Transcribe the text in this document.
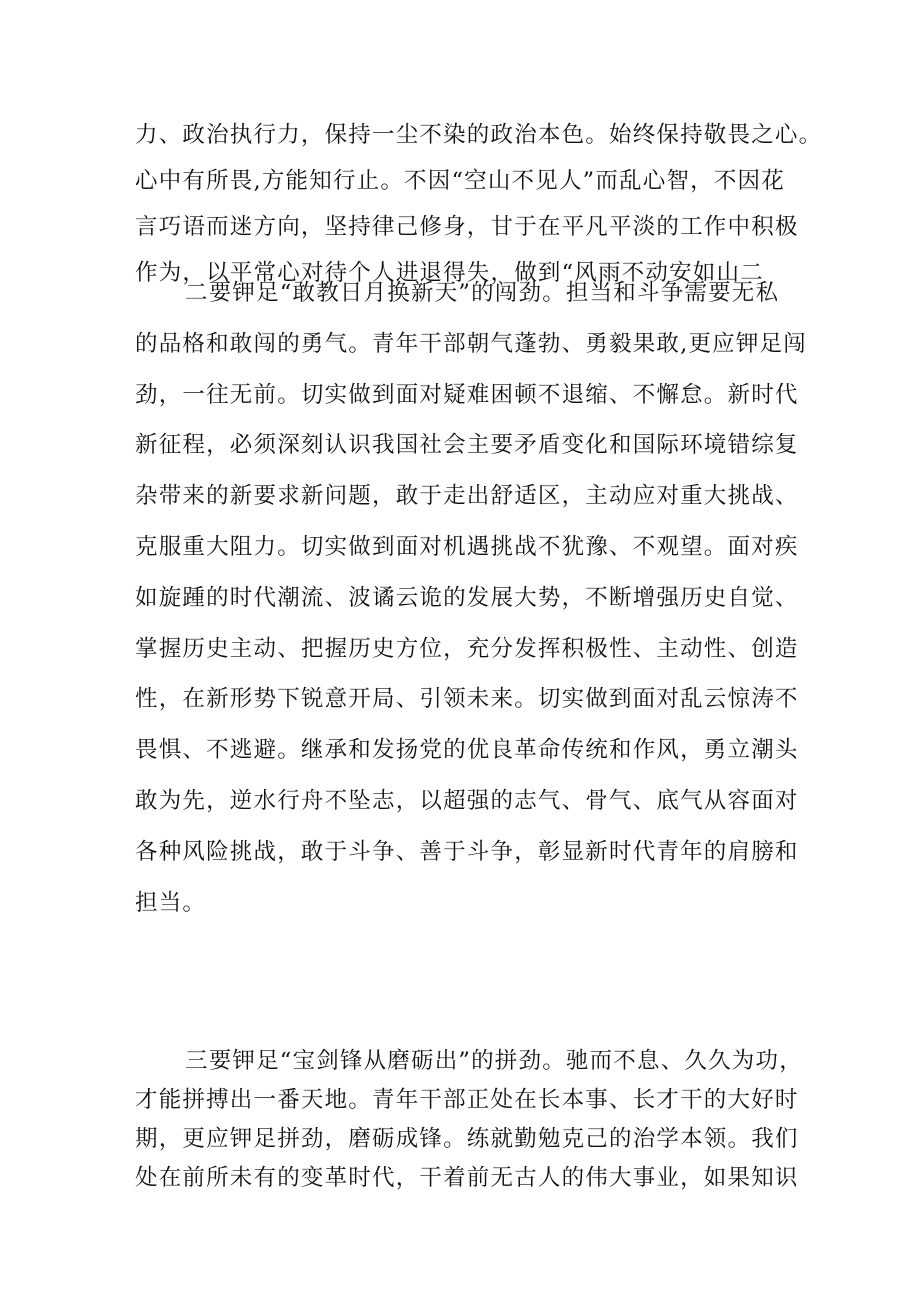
力、政治执行力，保持一尘不染的政治本色。始终保持敬畏之心。
心中有所畏,方能知行止。不因“空山不见人”而乱心智，不因花
言巧语而迷方向，坚持律己修身，甘于在平凡平淡的工作中积极
作为，以平常心对待个人进退得失，做到“风雨不动安如山二

二要钾足“敢教日月换新天”的闯劲。担当和斗争需要无私
的品格和敢闯的勇气。青年干部朝气蓬勃、勇毅果敢,更应钾足闯
劲，一往无前。切实做到面对疑难困顿不退缩、不懈怠。新时代
新征程，必须深刻认识我国社会主要矛盾变化和国际环境错综复
杂带来的新要求新问题，敢于走出舒适区，主动应对重大挑战、
克服重大阻力。切实做到面对机遇挑战不犹豫、不观望。面对疾
如旋踵的时代潮流、波谲云诡的发展大势，不断增强历史自觉、
掌握历史主动、把握历史方位，充分发挥积极性、主动性、创造
性，在新形势下锐意开局、引领未来。切实做到面对乱云惊涛不
畏惧、不逃避。继承和发扬党的优良革命传统和作风，勇立潮头
敢为先，逆水行舟不坠志，以超强的志气、骨气、底气从容面对
各种风险挑战，敢于斗争、善于斗争，彰显新时代青年的肩膀和
担当。

三要钾足“宝剑锋从磨砺出”的拼劲。驰而不息、久久为功，
才能拼搏出一番天地。青年干部正处在长本事、长才干的大好时
期，更应钾足拼劲，磨砺成锋。练就勤勉克己的治学本领。我们
处在前所未有的变革时代，干着前无古人的伟大事业，如果知识
